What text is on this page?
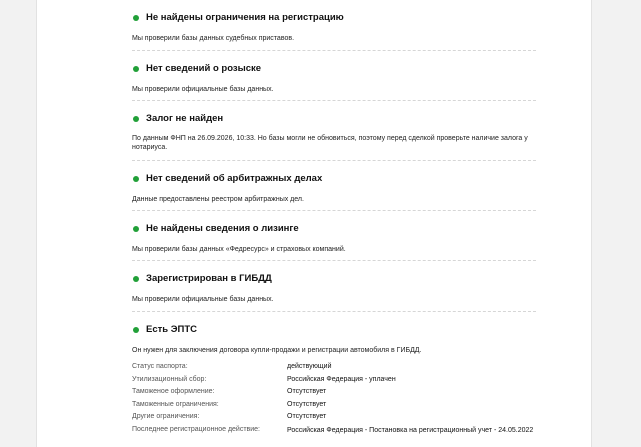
Не найдены ограничения на регистрацию
Мы проверили базы данных судебных приставов.
Нет сведений о розыске
Мы проверили официальные базы данных.
Залог не найден
По данным ФНП на 26.09.2026, 10:33. Но базы могли не обновиться, поэтому перед сделкой проверьте наличие залога у нотариуса.
Нет сведений об арбитражных делах
Данные предоставлены реестром арбитражных дел.
Не найдены сведения о лизинге
Мы проверили базы данных «Федресурс» и страховых компаний.
Зарегистрирован в ГИБДД
Мы проверили официальные базы данных.
Есть ЭПТС
Он нужен для заключения договора купли-продажи и регистрации автомобиля в ГИБДД.
Статус паспорта:	действующий
Утилизационный сбор:	Российская Федерация - уплачен
Таможеное оформление:	Отсутствует
Таможенные ограничения:	Отсутствует
Другие ограничения:	Отсутствует
Последнее регистрационное действие:	Российская Федерация - Постановка на регистрационный учет - 24.05.2022
